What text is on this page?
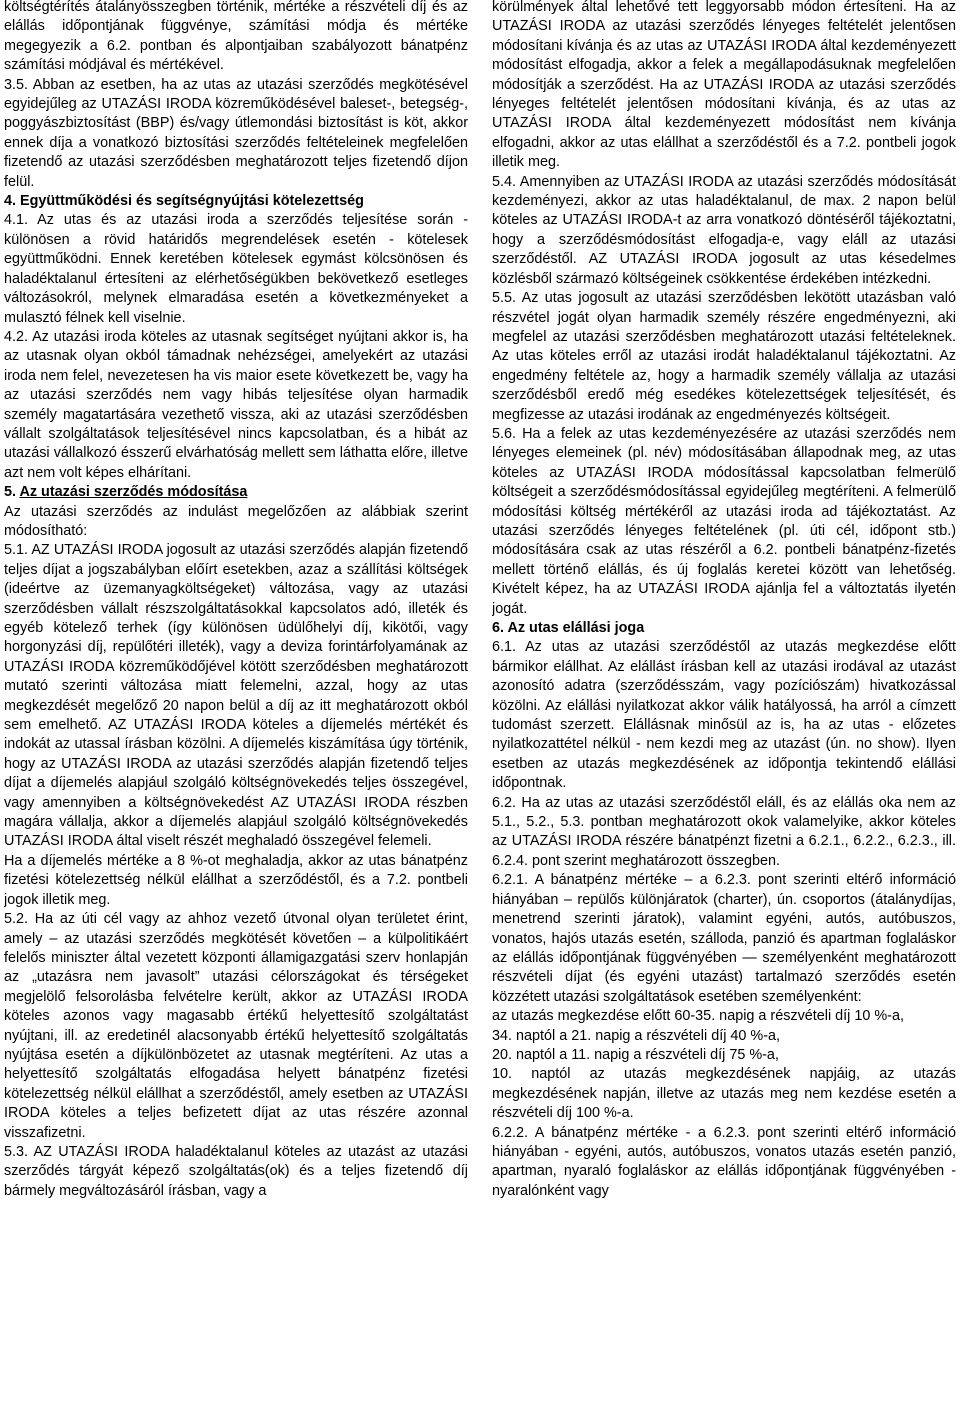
költségtérítés átalányösszegben történik, mértéke a részvételi díj és az elállás időpontjának függvénye, számítási módja és mértéke megegyezik a 6.2. pontban és alpontjaiban szabályozott bánatpénz számítási módjával és mértékével.

3.5. Abban az esetben, ha az utas az utazási szerződés megkötésével egyidejűleg az UTAZÁSI IRODA közreműködésével baleset-, betegség-, poggyászbiztosítást (BBP) és/vagy útlemondási biztosítást is köt, akkor ennek díja a vonatkozó biztosítási szerződés feltételeinek megfelelően fizetendő az utazási szerződésben meghatározott teljes fizetendő díjon felül.

4. Együttműködési és segítségnyújtási kötelezettség

4.1. Az utas és az utazási iroda a szerződés teljesítése során - különösen a rövid határidős megrendelések esetén - kötelesek együttműködni. Ennek keretében kötelesek egymást kölcsönösen és haladéktalanul értesíteni az elérhetőségükben bekövetkező esetleges változásokról, melynek elmaradása esetén a következményeket a mulasztó félnek kell viselnie.

4.2. Az utazási iroda köteles az utasnak segítséget nyújtani akkor is, ha az utasnak olyan okból támadnak nehézségei, amelyekért az utazási iroda nem felel, nevezetesen ha vis maior esete következett be, vagy ha az utazási szerződés nem vagy hibás teljesítése olyan harmadik személy magatartására vezethető vissza, aki az utazási szerződésben vállalt szolgáltatások teljesítésével nincs kapcsolatban, és a hibát az utazási vállalkozó ésszerű elvárhatóság mellett sem láthatta előre, illetve azt nem volt képes elhárítani.

5. Az utazási szerződés módosítása

Az utazási szerződés az indulást megelőzően az alábbiak szerint módosítható:

5.1. AZ UTAZÁSI IRODA jogosult az utazási szerződés alapján fizetendő teljes díjat a jogszabályban előírt esetekben, azaz a szállítási költségek (ideértve az üzemanyagköltségeket) változása, vagy az utazási szerződésben vállalt részszolgáltatásokkal kapcsolatos adó, illeték és egyéb kötelező terhek (így különösen üdülőhelyi díj, kikötői, vagy horgonyzási díj, repülőtéri illeték), vagy a deviza forintárfolyamának az UTAZÁSI IRODA közreműködőjével kötött szerződésben meghatározott mutató szerinti változása miatt felemelni, azzal, hogy az utas megkezdését megelőző 20 napon belül a díj az itt meghatározott okból sem emelhető. AZ UTAZÁSI IRODA köteles a díjemelés mértékét és indokát az utassal írásban közölni. A díjemelés kiszámítása úgy történik, hogy az UTAZÁSI IRODA az utazási szerződés alapján fizetendő teljes díjat a díjemelés alapjául szolgáló költségnövekedés teljes összegével, vagy amennyiben a költségnövekedést AZ UTAZÁSI IRODA részben magára vállalja, akkor a díjemelés alapjául szolgáló költségnövekedés UTAZÁSI IRODA által viselt részét meghaladó összegével felemeli.

Ha a díjemelés mértéke a 8 %-ot meghaladja, akkor az utas bánatpénz fizetési kötelezettség nélkül elállhat a szerződéstől, és a 7.2. pontbeli jogok illetik meg.

5.2. Ha az úti cél vagy az ahhoz vezető útvonal olyan területet érint, amely – az utazási szerződés megkötését követően – a külpolitikáért felelős miniszter által vezetett központi államigazgatási szerv honlapján az „utazásra nem javasolt” utazási célországokat és térségeket megjelölő felsorolásba felvételre került, akkor az UTAZÁSI IRODA köteles azonos vagy magasabb értékű helyettesítő szolgáltatást nyújtani, ill. az eredetinél alacsonyabb értékű helyettesítő szolgáltatás nyújtása esetén a díjkülönbözetet az utasnak megtéríteni. Az utas a helyettesítő szolgáltatás elfogadása helyett bánatpénz fizetési kötelezettség nélkül elállhat a szerződéstől, amely esetben az UTAZÁSI IRODA köteles a teljes befizetett díjat az utas részére azonnal visszafizetni.

5.3. AZ UTAZÁSI IRODA haladéktalanul köteles az utazást az utazási szerződés tárgyát képező szolgáltatás(ok) és a teljes fizetendő díj bármely megváltozásáról írásban, vagy a

körülmények által lehetővé tett leggyorsabb módon értesíteni. Ha az UTAZÁSI IRODA az utazási szerződés lényeges feltételét jelentősen módosítani kívánja és az utas az UTAZÁSI IRODA által kezdeményezett módosítást elfogadja, akkor a felek a megállapodásuknak megfelelően módosítják a szerződést. Ha az UTAZÁSI IRODA az utazási szerződés lényeges feltételét jelentősen módosítani kívánja, és az utas az UTAZÁSI IRODA által kezdeményezett módosítást nem kívánja elfogadni, akkor az utas elállhat a szerződéstől és a 7.2. pontbeli jogok illetik meg.

5.4. Amennyiben az UTAZÁSI IRODA az utazási szerződés módosítását kezdeményezi, akkor az utas haladéktalanul, de max. 2 napon belül köteles az UTAZÁSI IRODA-t az arra vonatkozó döntéséről tájékoztatni, hogy a szerződésmódosítást elfogadja-e, vagy eláll az utazási szerződéstől. AZ UTAZÁSI IRODA jogosult az utas késedelmes közlésből származó költségeinek csökkentése érdekében intézkedni.

5.5. Az utas jogosult az utazási szerződésben lekötött utazásban való részvétel jogát olyan harmadik személy részére engedményezni, aki megfelel az utazási szerződésben meghatározott utazási feltételeknek. Az utas köteles erről az utazási irodát haladéktalanul tájékoztatni. Az engedmény feltétele az, hogy a harmadik személy vállalja az utazási szerződésből eredő még esedékes kötelezettségek teljesítését, és megfizesse az utazási irodának az engedményezés költségeit.

5.6. Ha a felek az utas kezdeményezésére az utazási szerződés nem lényeges elemeinek (pl. név) módosításában állapodnak meg, az utas köteles az UTAZÁSI IRODA módosítással kapcsolatban felmerülő költségeit a szerződésmódosítással egyidejűleg megtéríteni. A felmerülő módosítási költség mértékéről az utazási iroda ad tájékoztatást. Az utazási szerződés lényeges feltételének (pl. úti cél, időpont stb.) módosítására csak az utas részéről a 6.2. pontbeli bánatpénz-fizetés mellett történő elállás, és új foglalás keretei között van lehetőség. Kivételt képez, ha az UTAZÁSI IRODA ajánlja fel a változtatás ilyetén jogát.

6. Az utas elállási joga

6.1. Az utas az utazási szerződéstől az utazás megkezdése előtt bármikor elállhat. Az elállást írásban kell az utazási irodával az utazást azonosító adatra (szerződésszám, vagy pozíciószám) hivatkozással közölni. Az elállási nyilatkozat akkor válik hatályossá, ha arról a címzett tudomást szerzett. Elállásnak minősül az is, ha az utas - előzetes nyilatkozattétel nélkül - nem kezdi meg az utazást (ún. no show). Ilyen esetben az utazás megkezdésének az időpontja tekintendő elállási időpontnak.

6.2. Ha az utas az utazási szerződéstől eláll, és az elállás oka nem az 5.1., 5.2., 5.3. pontban meghatározott okok valamelyike, akkor köteles az UTAZÁSI IRODA részére bánatpénzt fizetni a 6.2.1., 6.2.2., 6.2.3., ill. 6.2.4. pont szerint meghatározott összegben.

6.2.1. A bánatpénz mértéke – a 6.2.3. pont szerinti eltérő információ hiányában – repülős különjáratok (charter), ún. csoportos (átalánydíjas, menetrend szerinti járatok), valamint egyéni, autós, autóbuszos, vonatos, hajós utazás esetén, szálloda, panzió és apartman foglaláskor az elállás időpontjának függvényében — személyenként meghatározott részvételi díjat (és egyéni utazást) tartalmazó szerződés esetén közzétett utazási szolgáltatások esetében személyenként:

az utazás megkezdése előtt 60-35. napig a részvételi díj 10 %-a,

34. naptól a 21. napig a részvételi díj 40 %-a,

20. naptól a 11. napig a részvételi díj 75 %-a,

10. naptól az utazás megkezdésének napjáig, az utazás megkezdésének napján, illetve az utazás meg nem kezdése esetén a részvételi díj 100 %-a.

6.2.2. A bánatpénz mértéke - a 6.2.3. pont szerinti eltérő információ hiányában - egyéni, autós, autóbuszos, vonatos utazás esetén panzió, apartman, nyaraló foglaláskor az elállás időpontjának függvényében - nyaralónként vagy
